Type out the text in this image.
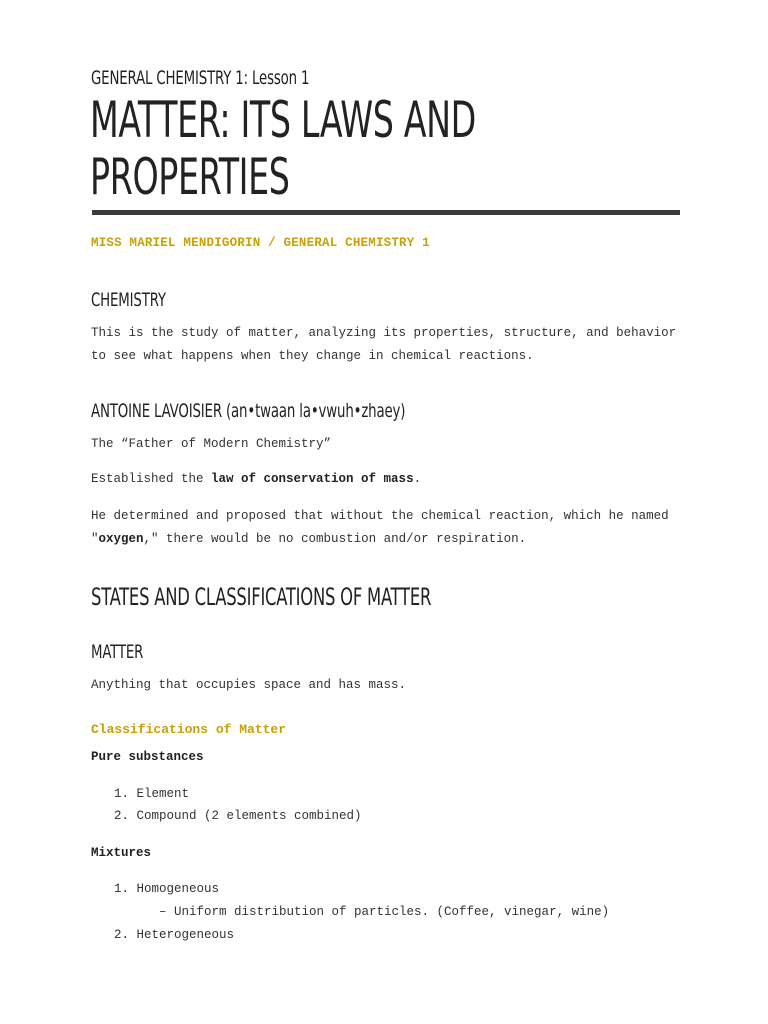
GENERAL CHEMISTRY 1: Lesson 1
MATTER: ITS LAWS AND
PROPERTIES
MISS MARIEL MENDIGORIN / GENERAL CHEMISTRY 1
CHEMISTRY
This is the study of matter, analyzing its properties, structure, and behavior
to see what happens when they change in chemical reactions.
ANTOINE LAVOISIER (an•twaan la•vwuh•zhaey)
The “Father of Modern Chemistry”
Established the law of conservation of mass.
He determined and proposed that without the chemical reaction, which he named
"oxygen," there would be no combustion and/or respiration.
STATES AND CLASSIFICATIONS OF MATTER
MATTER
Anything that occupies space and has mass.
Classifications of Matter
Pure substances
1. Element
2. Compound (2 elements combined)
Mixtures
1. Homogeneous
– Uniform distribution of particles. (Coffee, vinegar, wine)
2. Heterogeneous
